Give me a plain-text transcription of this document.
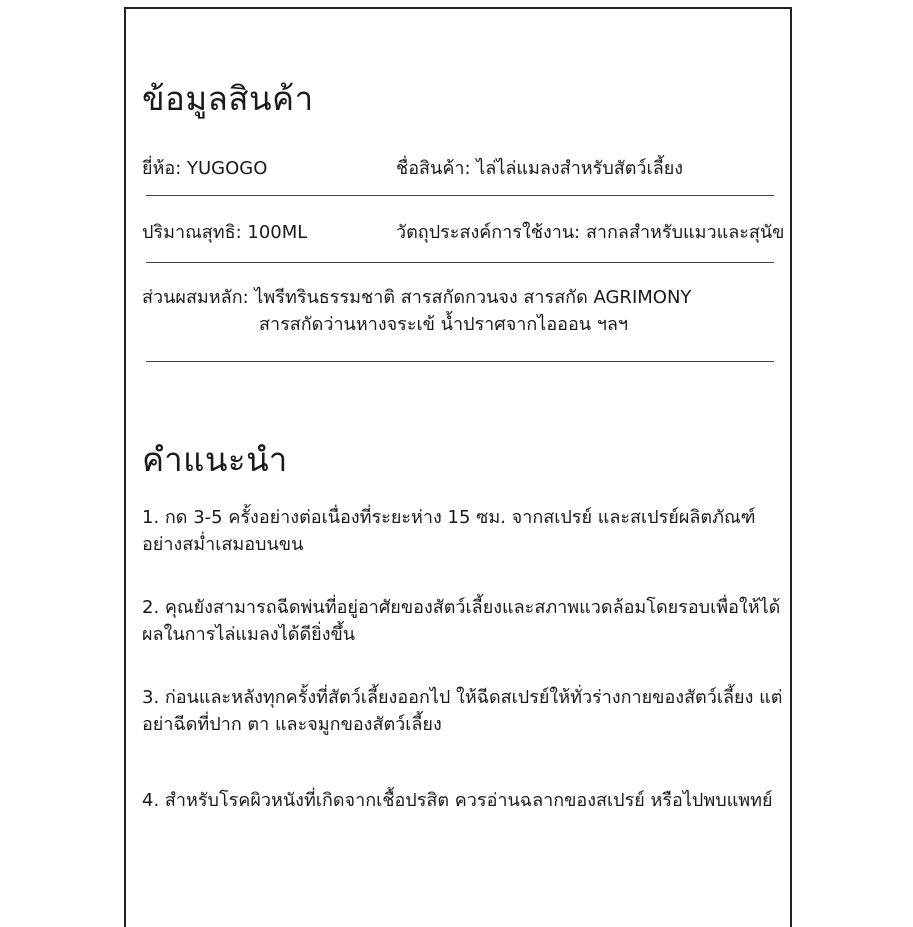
ข้อมูลสินค้า
ยี่ห้อ: YUGOGO	ชื่อสินค้า: ไล่ไล่แมลงสำหรับสัตว์เลี้ยง
ปริมาณสุทธิ: 100ML	วัตถุประสงค์การใช้งาน: สากลสำหรับแมวและสุนัข
ส่วนผสมหลัก: ไพรีทรินธรรมชาติ สารสกัดกวนจง สารสกัด AGRIMONY
สารสกัดว่านหางจระเข้ น้ำปราศจากไอออน ฯลฯ
คำแนะนำ

1. กด 3-5 ครั้งอย่างต่อเนื่องที่ระยะห่าง 15 ซม. จากสเปรย์ และสเปรย์ผลิตภัณฑ์อย่างสม่ำเสมอบนขน

2. คุณยังสามารถฉีดพ่นที่อยู่อาศัยของสัตว์เลี้ยงและสภาพแวดล้อมโดยรอบเพื่อให้ได้ผลในการไล่แมลงได้ดียิ่งขึ้น

3. ก่อนและหลังทุกครั้งที่สัตว์เลี้ยงออกไป ให้ฉีดสเปรย์ให้ทั่วร่างกายของสัตว์เลี้ยง แต่อย่าฉีดที่ปาก ตา และจมูกของสัตว์เลี้ยง

4. สำหรับโรคผิวหนังที่เกิดจากเชื้อปรสิต ควรอ่านฉลากของสเปรย์ หรือไปพบแพทย์
